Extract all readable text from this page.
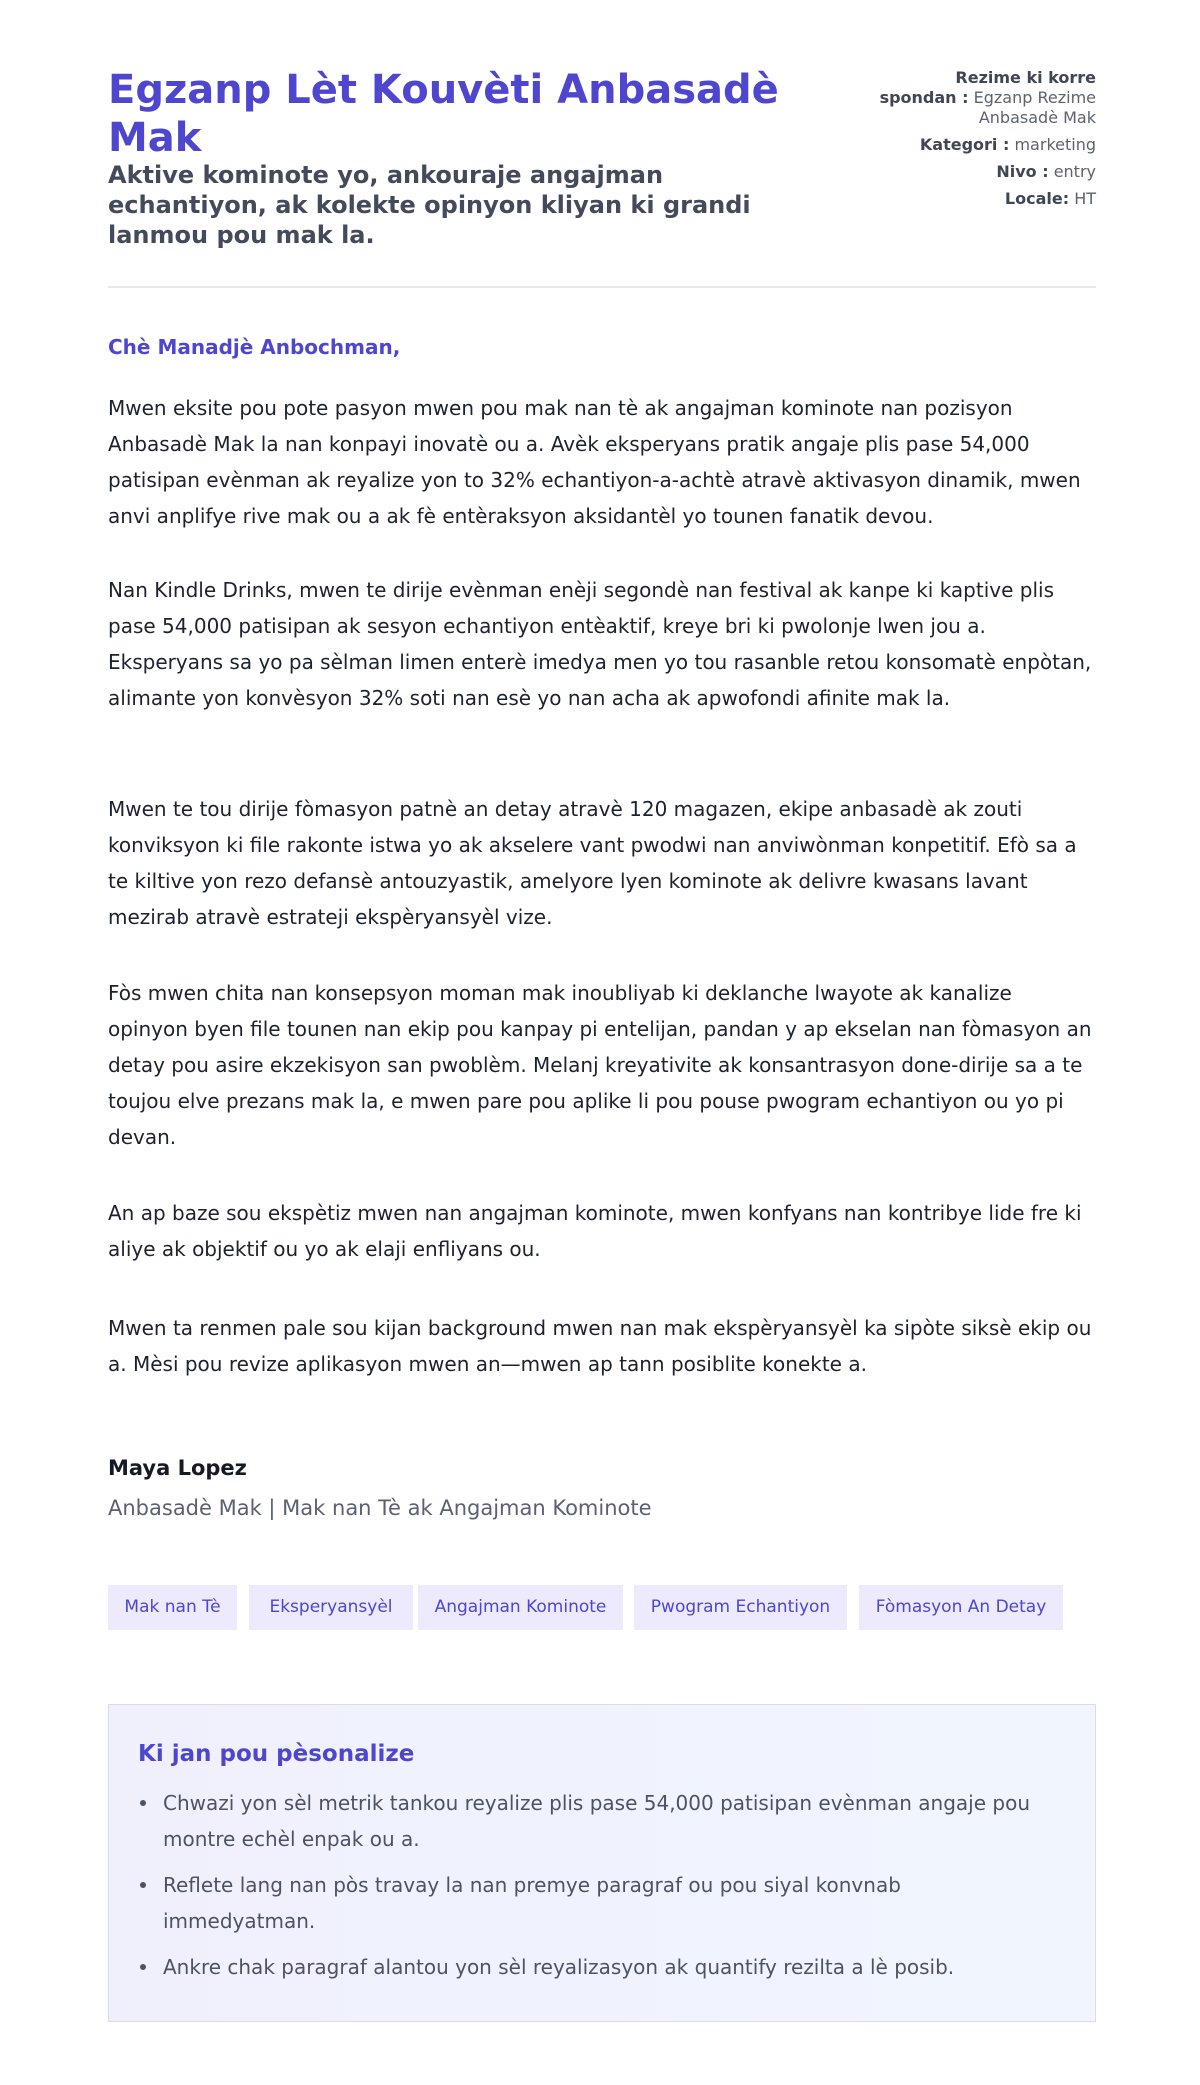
Egzanp Lèt Kouvèti Anbasadè Mak
Aktive kominote yo, ankouraje angajman echantiyon, ak kolekte opinyon kliyan ki grandi lanmou pou mak la.
Rezime ki korre
spondan : Egzanp Rezime
Anbasadè Mak
Kategori : marketing
Nivo : entry
Locale: HT

Chè Manadjè Anbochman,

Mwen eksite pou pote pasyon mwen pou mak nan tè ak angajman kominote nan pozisyon Anbasadè Mak la nan konpayi inovatè ou a. Avèk eksperyans pratik angaje plis pase 54,000 patisipan evènman ak reyalize yon to 32% echantiyon-a-achtè atravè aktivasyon dinamik, mwen anvi anplifye rive mak ou a ak fè entèraksyon aksidantèl yo tounen fanatik devou.

Nan Kindle Drinks, mwen te dirije evènman enèji segondè nan festival ak kanpe ki kaptive plis pase 54,000 patisipan ak sesyon echantiyon entèaktif, kreye bri ki pwolonje lwen jou a. Eksperyans sa yo pa sèlman limen enterè imedya men yo tou rasanble retou konsomatè enpòtan, alimante yon konvèsyon 32% soti nan esè yo nan acha ak apwofondi afinite mak la.

Mwen te tou dirije fòmasyon patnè an detay atravè 120 magazen, ekipe anbasadè ak zouti konviksyon ki file rakonte istwa yo ak akselere vant pwodwi nan anviwònman konpetitif. Efò sa a te kiltive yon rezo defansè antouzyastik, amelyore lyen kominote ak delivre kwasans lavant mezirab atravè estrateji ekspèryansyèl vize.

Fòs mwen chita nan konsepsyon moman mak inoubliyab ki deklanche lwayote ak kanalize opinyon byen file tounen nan ekip pou kanpay pi entelijan, pandan y ap ekselan nan fòmasyon an detay pou asire ekzekisyon san pwoblèm. Melanj kreyativite ak konsantrasyon done-dirije sa a te toujou elve prezans mak la, e mwen pare pou aplike li pou pouse pwogram echantiyon ou yo pi devan.

An ap baze sou ekspètiz mwen nan angajman kominote, mwen konfyans nan kontribye lide fre ki aliye ak objektif ou yo ak elaji enfliyans ou.

Mwen ta renmen pale sou kijan background mwen nan mak ekspèryansyèl ka sipòte siksè ekip ou a. Mèsi pou revize aplikasyon mwen an—mwen ap tann posiblite konekte a.

Maya Lopez

Anbasadè Mak | Mak nan Tè ak Angajman Kominote

Mak nan Tè	Eksperyansyèl	Angajman Kominote	Pwogram Echantiyon	Fòmasyon An Detay
Ki jan pou pèsonalize
Chwazi yon sèl metrik tankou reyalize plis pase 54,000 patisipan evènman angaje pou montre echèl enpak ou a.
Reflete lang nan pòs travay la nan premye paragraf ou pou siyal konvnab immedyatman.
Ankre chak paragraf alantou yon sèl reyalizasyon ak quantify rezilta a lè posib.
